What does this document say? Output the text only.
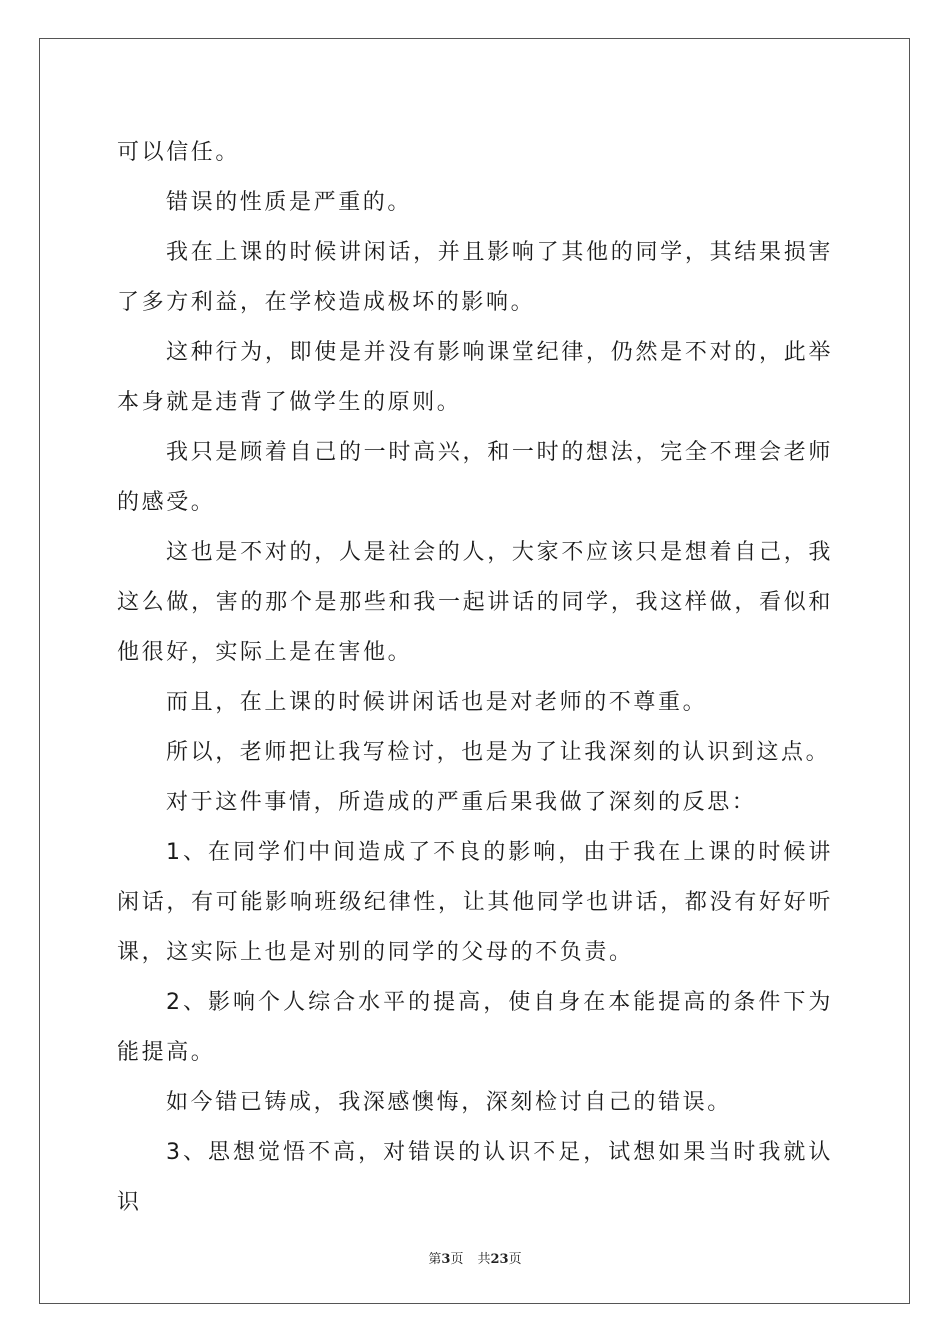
可以信任。

错误的性质是严重的。

我在上课的时候讲闲话，并且影响了其他的同学，其结果损害了多方利益，在学校造成极坏的影响。

这种行为，即使是并没有影响课堂纪律，仍然是不对的，此举本身就是违背了做学生的原则。

我只是顾着自己的一时高兴，和一时的想法，完全不理会老师的感受。

这也是不对的，人是社会的人，大家不应该只是想着自己，我这么做，害的那个是那些和我一起讲话的同学，我这样做，看似和他很好，实际上是在害他。

而且，在上课的时候讲闲话也是对老师的不尊重。

所以，老师把让我写检讨，也是为了让我深刻的认识到这点。

对于这件事情，所造成的严重后果我做了深刻的反思：

1、在同学们中间造成了不良的影响，由于我在上课的时候讲闲话，有可能影响班级纪律性，让其他同学也讲话，都没有好好听课，这实际上也是对别的同学的父母的不负责。

2、影响个人综合水平的提高，使自身在本能提高的条件下为能提高。

如今错已铸成，我深感懊悔，深刻检讨自己的错误。

3、思想觉悟不高，对错误的认识不足，试想如果当时我就认识

第3页 共23页
